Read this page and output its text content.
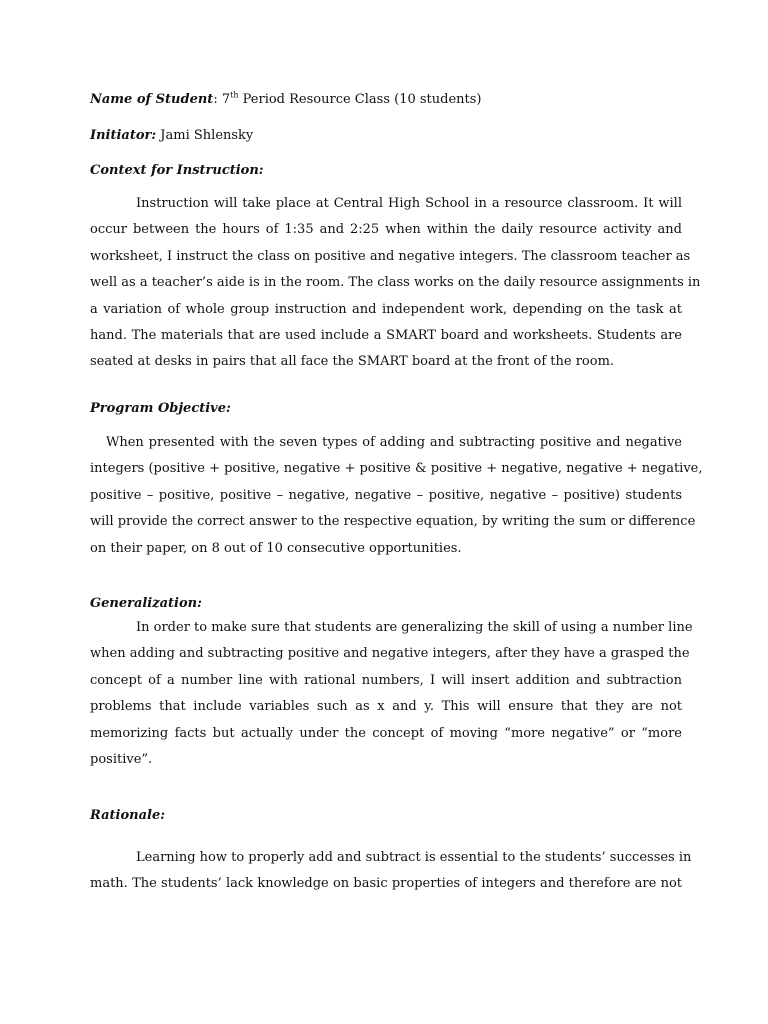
Name of Student: 7th Period Resource Class (10 students)
Initiator: Jami Shlensky
Context for Instruction:
Instruction will take place at Central High School in a resource classroom. It will
occur between the hours of 1:35 and 2:25 when within the daily resource activity and
worksheet, I instruct the class on positive and negative integers. The classroom teacher as
well as a teacher’s aide is in the room. The class works on the daily resource assignments in
a variation of whole group instruction and independent work, depending on the task at
hand. The materials that are used include a SMART board and worksheets. Students are
seated at desks in pairs that all face the SMART board at the front of the room.
Program Objective:
When presented with the seven types of adding and subtracting positive and negative
integers (positive + positive, negative + positive & positive + negative, negative + negative,
positive – positive, positive – negative, negative – positive, negative – positive) students
will provide the correct answer to the respective equation, by writing the sum or difference
on their paper, on 8 out of 10 consecutive opportunities.
Generalization:
In order to make sure that students are generalizing the skill of using a number line
when adding and subtracting positive and negative integers, after they have a grasped the
concept of a number line with rational numbers, I will insert addition and subtraction
problems that include variables such as x and y. This will ensure that they are not
memorizing facts but actually under the concept of moving “more negative” or “more
positive”.
Rationale:
Learning how to properly add and subtract is essential to the students’ successes in
math. The students’ lack knowledge on basic properties of integers and therefore are not
